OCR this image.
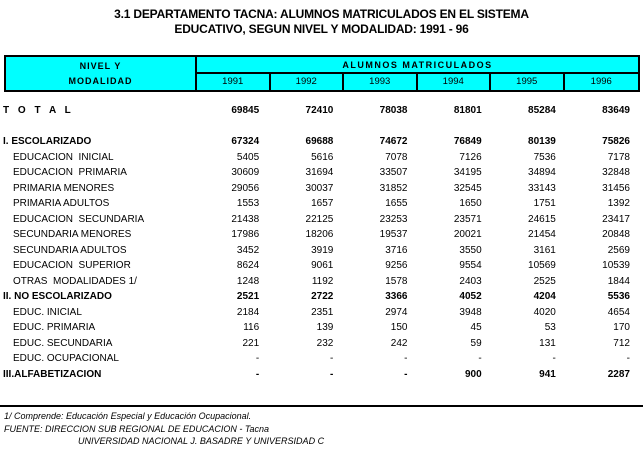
3.1 DEPARTAMENTO TACNA: ALUMNOS MATRICULADOS EN EL SISTEMA
EDUCATIVO, SEGUN NIVEL Y MODALIDAD: 1991 - 96
NIVEL Y
MODALIDAD
ALUMNOS MATRICULADOS
1991	1992	1993	1994	1995	1996
T O T A L	69845	72410	78038	81801	85284	83649
I. ESCOLARIZADO	67324	69688	74672	76849	80139	75826
EDUCACION  INICIAL	5405	5616	7078	7126	7536	7178
EDUCACION  PRIMARIA	30609	31694	33507	34195	34894	32848
PRIMARIA MENORES	29056	30037	31852	32545	33143	31456
PRIMARIA ADULTOS	1553	1657	1655	1650	1751	1392
EDUCACION  SECUNDARIA	21438	22125	23253	23571	24615	23417
SECUNDARIA MENORES	17986	18206	19537	20021	21454	20848
SECUNDARIA ADULTOS	3452	3919	3716	3550	3161	2569
EDUCACION  SUPERIOR	8624	9061	9256	9554	10569	10539
OTRAS  MODALIDADES 1/	1248	1192	1578	2403	2525	1844
II. NO ESCOLARIZADO	2521	2722	3366	4052	4204	5536
EDUC. INICIAL	2184	2351	2974	3948	4020	4654
EDUC. PRIMARIA	116	139	150	45	53	170
EDUC. SECUNDARIA	221	232	242	59	131	712
EDUC. OCUPACIONAL	-	-	-	-	-	-
III.ALFABETIZACION	-	-	-	900	941	2287
1/ Comprende: Educación Especial y Educación Ocupacional.
FUENTE: DIRECCION SUB REGIONAL DE EDUCACION - Tacna
UNIVERSIDAD NACIONAL J. BASADRE Y UNIVERSIDAD C
